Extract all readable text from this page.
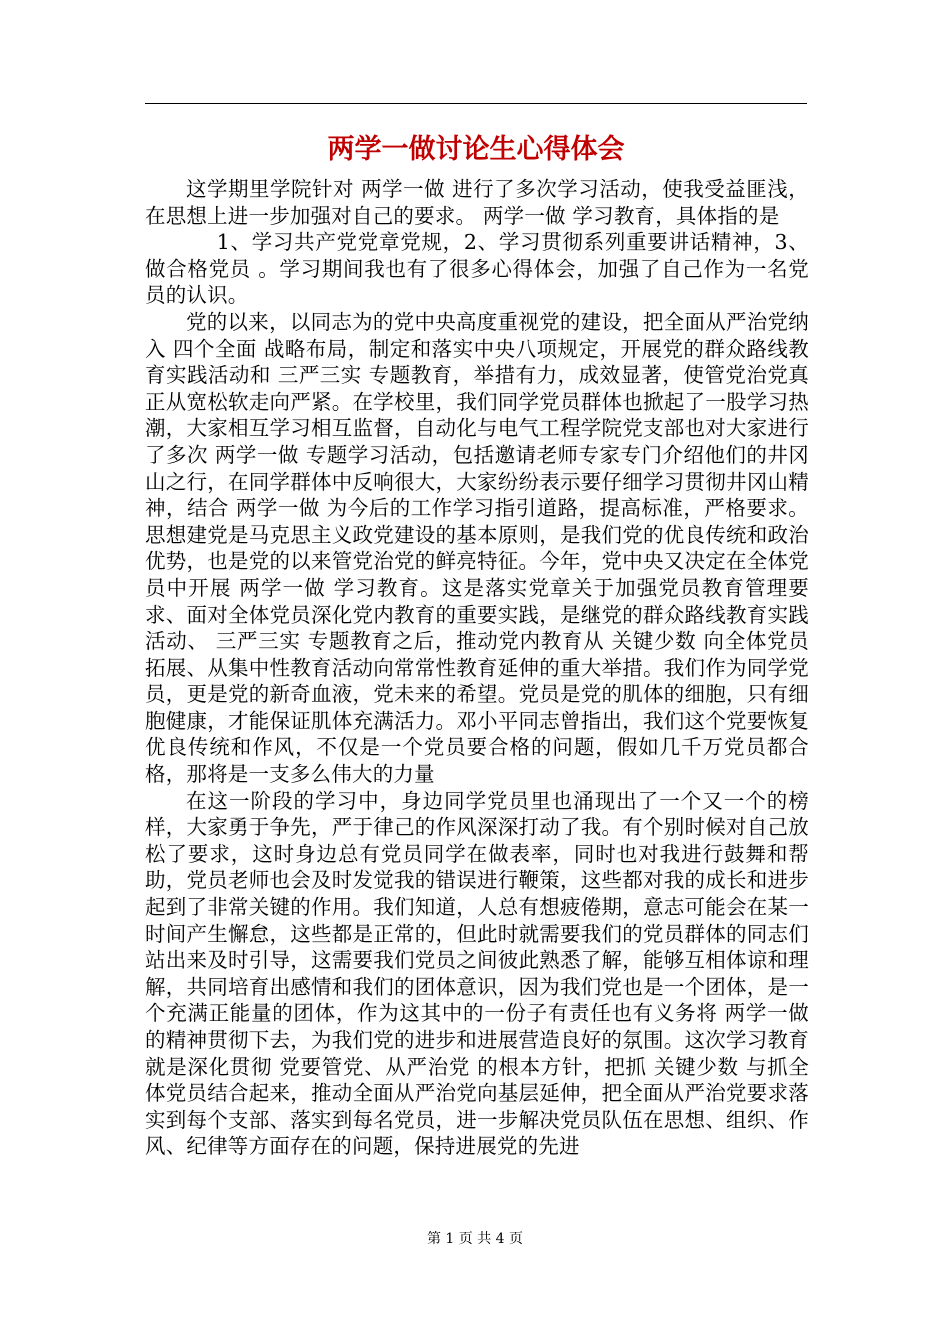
两学一做讨论生心得体会

这学期里学院针对 两学一做 进行了多次学习活动，使我受益匪浅，在思想上进一步加强对自己的要求。 两学一做 学习教育，具体指的是

1、学习共产党党章党规，2、学习贯彻系列重要讲话精神，3、做合格党员 。学习期间我也有了很多心得体会，加强了自己作为一名党员的认识。

党的以来，以同志为的党中央高度重视党的建设，把全面从严治党纳入 四个全面 战略布局，制定和落实中央八项规定，开展党的群众路线教育实践活动和 三严三实 专题教育，举措有力，成效显著，使管党治党真正从宽松软走向严紧。在学校里，我们同学党员群体也掀起了一股学习热潮，大家相互学习相互监督，自动化与电气工程学院党支部也对大家进行了多次 两学一做 专题学习活动，包括邀请老师专家专门介绍他们的井冈山之行，在同学群体中反响很大，大家纷纷表示要仔细学习贯彻井冈山精神，结合 两学一做 为今后的工作学习指引道路，提高标准，严格要求。思想建党是马克思主义政党建设的基本原则，是我们党的优良传统和政治优势，也是党的以来管党治党的鲜亮特征。今年，党中央又决定在全体党员中开展 两学一做 学习教育。这是落实党章关于加强党员教育管理要求、面对全体党员深化党内教育的重要实践，是继党的群众路线教育实践活动、 三严三实 专题教育之后，推动党内教育从 关键少数 向全体党员拓展、从集中性教育活动向常常性教育延伸的重大举措。我们作为同学党员，更是党的新奇血液，党未来的希望。党员是党的肌体的细胞，只有细胞健康，才能保证肌体充满活力。邓小平同志曾指出，我们这个党要恢复优良传统和作风，不仅是一个党员要合格的问题，假如几千万党员都合格，那将是一支多么伟大的力量

在这一阶段的学习中，身边同学党员里也涌现出了一个又一个的榜样，大家勇于争先，严于律己的作风深深打动了我。有个别时候对自己放松了要求，这时身边总有党员同学在做表率，同时也对我进行鼓舞和帮助，党员老师也会及时发觉我的错误进行鞭策，这些都对我的成长和进步起到了非常关键的作用。我们知道，人总有想疲倦期，意志可能会在某一时间产生懈怠，这些都是正常的，但此时就需要我们的党员群体的同志们站出来及时引导，这需要我们党员之间彼此熟悉了解，能够互相体谅和理解，共同培育出感情和我们的团体意识，因为我们党也是一个团体，是一个充满正能量的团体，作为这其中的一份子有责任也有义务将 两学一做 的精神贯彻下去，为我们党的进步和进展营造良好的氛围。这次学习教育就是深化贯彻 党要管党、从严治党 的根本方针，把抓 关键少数 与抓全体党员结合起来，推动全面从严治党向基层延伸，把全面从严治党要求落实到每个支部、落实到每名党员，进一步解决党员队伍在思想、组织、作风、纪律等方面存在的问题，保持进展党的先进

第 1 页 共 4 页
